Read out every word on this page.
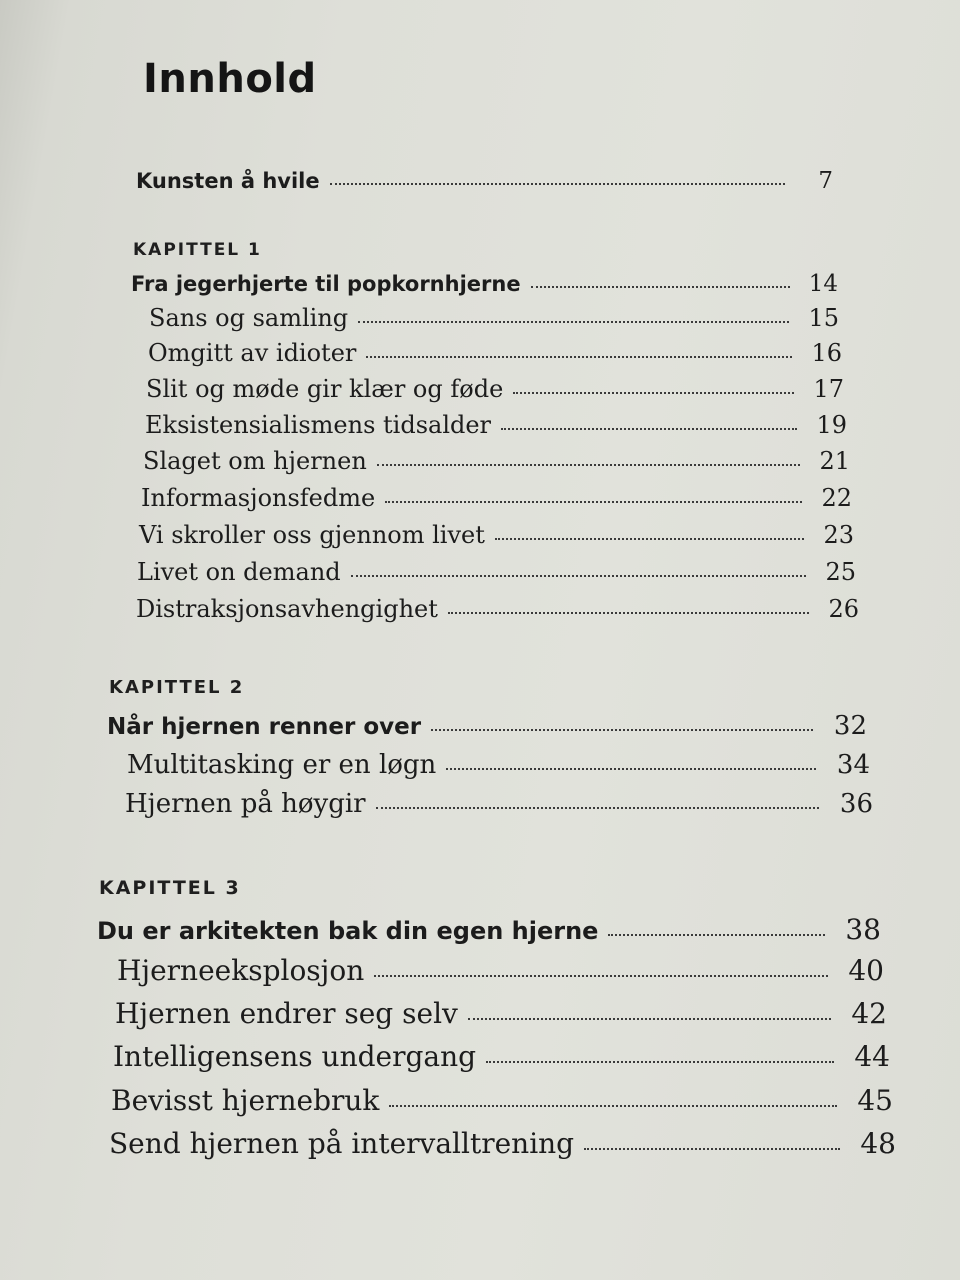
Innhold
Kunsten å hvile	7
KAPITTEL 1
Fra jegerhjerte til popkornhjerne	14
Sans og samling	15
Omgitt av idioter	16
Slit og møde gir klær og føde	17
Eksistensialismens tidsalder	19
Slaget om hjernen	21
Informasjonsfedme	22
Vi skroller oss gjennom livet	23
Livet on demand	25
Distraksjonsavhengighet	26
KAPITTEL 2
Når hjernen renner over	32
Multitasking er en løgn	34
Hjernen på høygir	36
KAPITTEL 3
Du er arkitekten bak din egen hjerne	38
Hjerneeksplosjon	40
Hjernen endrer seg selv	42
Intelligensens undergang	44
Bevisst hjernebruk	45
Send hjernen på intervalltrening	48
